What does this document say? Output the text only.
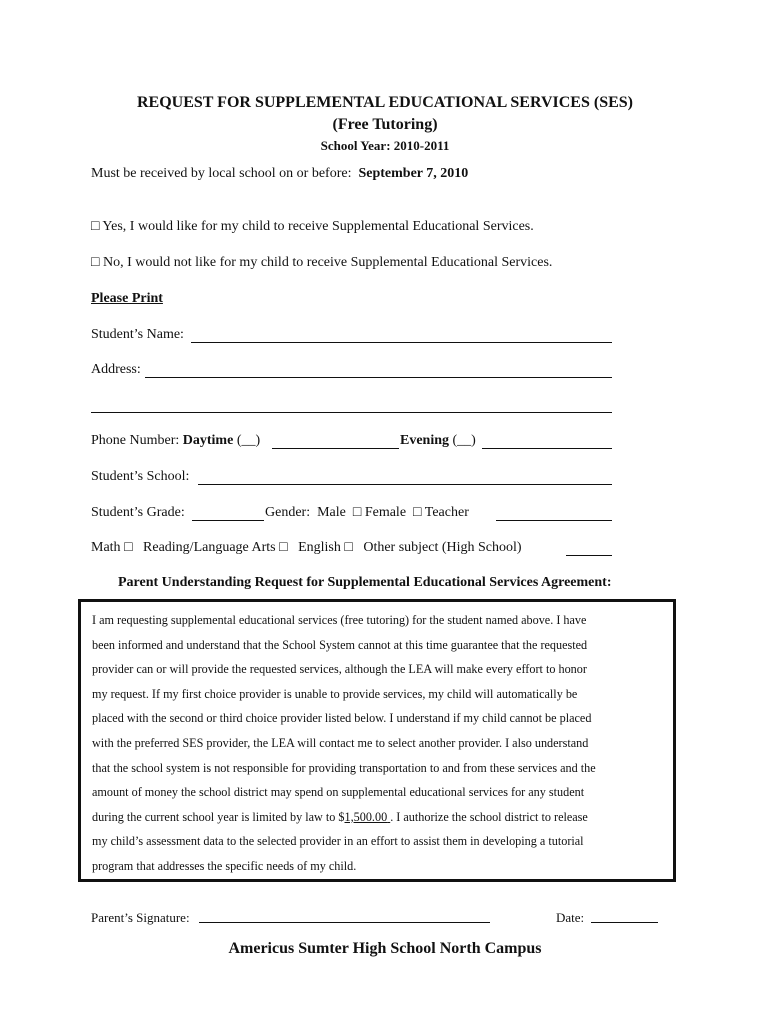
REQUEST FOR SUPPLEMENTAL EDUCATIONAL SERVICES (SES)
(Free Tutoring)
School Year: 2010-2011
Must be received by local school on or before: September 7, 2010
□ Yes, I would like for my child to receive Supplemental Educational Services.
□ No, I would not like for my child to receive Supplemental Educational Services.
Please Print
Student’s Name:
Address:
Phone Number: Daytime (__)	Evening (__)
Student’s School:
Student’s Grade:	Gender: Male □ Female □ Teacher
Math □ Reading/Language Arts □ English □ Other subject (High School)
Parent Understanding Request for Supplemental Educational Services Agreement:
I am requesting supplemental educational services (free tutoring) for the student named above. I have
been informed and understand that the School System cannot at this time guarantee that the requested
provider can or will provide the requested services, although the LEA will make every effort to honor
my request. If my first choice provider is unable to provide services, my child will automatically be
placed with the second or third choice provider listed below. I understand if my child cannot be placed
with the preferred SES provider, the LEA will contact me to select another provider. I also understand
that the school system is not responsible for providing transportation to and from these services and the
amount of money the school district may spend on supplemental educational services for any student
during the current school year is limited by law to $1,500.00 . I authorize the school district to release
my child’s assessment data to the selected provider in an effort to assist them in developing a tutorial
program that addresses the specific needs of my child.
Parent’s Signature:	Date:
Americus Sumter High School North Campus
